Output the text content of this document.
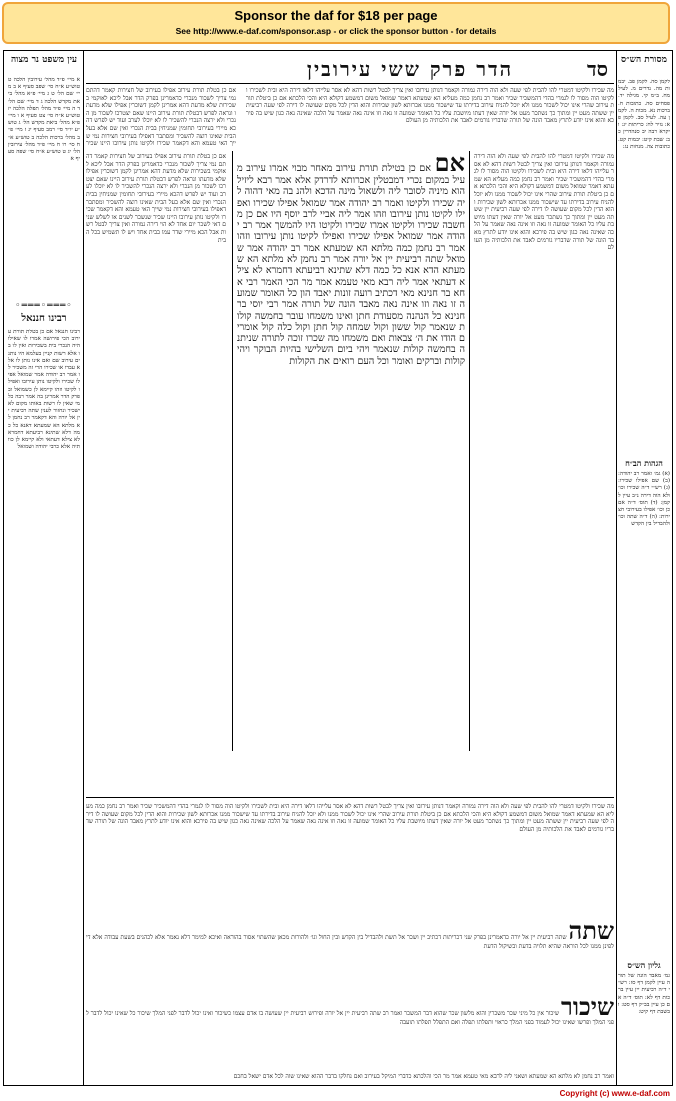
Sponsor the daf for $18 per page
See http://www.e-daf.com/sponsor.asp - or click the sponsor button - for details
עין משפט נר מצוה
א מיי׳ פ״ד מהל׳ עירובין הלכה ט טוש״ע א״ח סי׳ שפב סעיף א ב מיי׳ שם הל׳ ט ג מיי׳ פ״א מהל׳ ביאת מקדש הלכה ג ד מיי׳ שם הל׳ ד ה מיי׳ פ״ד מהל׳ תפלה הלכה יז טוש״ע א״ח סי׳ צט סעיף א ו מיי׳ פ״א מהל׳ ביאת מקדש הל׳ ג טוש״ע יו״ד סי׳ רמב סעיף יג ז מיי׳ פ״ב מהל׳ ברכות הלכה ב טוש״ע א״ח סי׳ רו ח מיי׳ פ״ד מהל׳ עירובין הל׳ יג ט טוש״ע א״ח סי׳ שפה סעיף א
◦═══◦═══◦
רבינו חננאל
רבינו חננאל אם כן בטלת תורת עירוב הכי פירושה אמרו לו שאילו היה הנכרי בית בשכירות ואין לו בו אלא רשות קניין בעלמא היו נותנים עירוב שם ואם אינו נותן לו אלא עבדו או שכירו הרי זה משכיר לו אמר רב יהודה אמר שמואל אפילו שכירו ולקיטו נותן עירובו ואפילו לקיטו וזהו קיימא לן כשמואל ובפרק הדר אמרינן בה אמר רבה כל מי שאין לו רשות באותו מקום לא ישכיר ונחזור לענין שתה רביעית יין אל יורה והא דקאמר רב נחמן לא מלתא הא שמעתא דאנא כל כמה דלא שתינא רביעתא דחמרא לא צילא דעתאי ולא קיימא לן כוותיה אלא כרבי יהודה ושמואל
הדר פרק ששי עירובין	סד
אם כן בטלת תורת עירוב אפילו בעירוב של חצירות קאמר דהתם נמי צריך לשכור מנכרי כדאמרינן בפרק הדר אבל ליכא לאוקמי בשכירות שלא מדעת דהא אמרינן לקמן דשוכרין אפילו שלא מדעתו ונראה לפרש דבטלת תורת עירוב היינו שאם יצטרכו לשכור מן הנכרי ולא ירצה הנכרי להשכיר לו לא יוכלו לערב ועוד יש לפרש דהכא מיירי בעירובי תחומין שמניחין בבית הנכרי ואין שם אלא בעל הבית שאינו רוצה להשכיר ומסתבר דאפילו בעירובי חצירות נמי שייך האי טעמא והא דקאמר שכירו ולקיטו נותן עירובו היינו שכיר
מה שכירו ולקיטו דמטרי להו להבית לפי שעה ולא הוה דירה גמורה וקאמר דנותן עירובו ואין צריך לבטל רשות דהא לא אסר עלייהו דלאו דירה היא ובית לשכירו ולקיטו הוה מסור לו לגמרי בהדי דהמשכיר שכיר ואמר רב נחמן כמה מעליא הא שמעתא דאמר שמואל משום דמשמע דקולא היא והכי הלכתא אם כן ביטלת תורת עירוב שהרי אינו יכול לשכור ממנו ולא יוכל להניח עירוב בדירתו עד שישכור ממנו אכרותא לשון שכירות והוא הדין לכל מקום שעושה לו דירה לפי שעה רביעית יין ששתה מעט יין ומתוך כך נשתכר מעט אל יורה שאין דעתו מיושבת עליו כל האומר שמועה זו נאה וזו אינה נאה שאמר על הלכה שאינה נאה כגון שיש בה פירכא והוא אינו יודע לתרץ מאבד הונה של תורה שדבריו גורמים לאבד את הלכותיה מן העולם
אם כן בטלת תורת עירוב אפילו בעירוב של חצירות קאמר דהתם נמי צריך לשכור מנכרי כדאמרינן בפרק הדר אבל ליכא לאוקמי בשכירות שלא מדעת דהא אמרינן לקמן דשוכרין אפילו שלא מדעתו ונראה לפרש דבטלת תורת עירוב היינו שאם יצטרכו לשכור מן הנכרי ולא ירצה הנכרי להשכיר לו לא יוכלו לערב ועוד יש לפרש דהכא מיירי בעירובי תחומין שמניחין בבית הנכרי ואין שם אלא בעל הבית שאינו רוצה להשכיר ומסתבר דאפילו בעירובי חצירות נמי שייך האי טעמא והא דקאמר שכירו ולקיטו נותן עירובו היינו שכיר שנשכר לשנים או לשלש שנים דאי לשכר יום אחד לא הוי דירה גמורה ואין צריך לבטל רשות אבל הכא מיירי שדר עמו בבית אחד ויש לו תשמיש בכל הבית
מה שכירו ולקיטו דמטרי להו להבית לפי שעה ולא הוה דירה גמורה וקאמר דנותן עירובו ואין צריך לבטל רשות דהא לא אסר עלייהו דלאו דירה היא ובית לשכירו ולקיטו הוה מסור לו לגמרי בהדי דהמשכיר שכיר ואמר רב נחמן כמה מעליא הא שמעתא דאמר שמואל משום דמשמע דקולא היא והכי הלכתא אם כן ביטלת תורת עירוב שהרי אינו יכול לשכור ממנו ולא יוכל להניח עירוב בדירתו עד שישכור ממנו אכרותא לשון שכירות והוא הדין לכל מקום שעושה לו דירה לפי שעה רביעית יין ששתה מעט יין ומתוך כך נשתכר מעט אל יורה שאין דעתו מיושבת עליו כל האומר שמועה זו נאה וזו אינה נאה שאמר על הלכה שאינה נאה כגון שיש בה פירכא והוא אינו יודע לתרץ מאבד הונה של תורה שדבריו גורמים לאבד את הלכותיה מן העולם
אם אם כן בטילת תורת עירוב מאחר מבוי אמרו עירוב מעיל במקום נכרי דמבטלין אכרותא לדרדק אלא אמר רבא ליזיל הוא מיניה לסובר ליה ולשאול מינה הדכא ולהנ בה מאי דהוה ליה שכירו ולקיטו ואמר רב יהודה אמר שמואל אפילו שכירו ואפילו לקיטו נותן עירובו וזהו אמר ליה אביי לרב יוסף היו אם כן מחשבה שכירו ולקיטו אמרו שכירו ולקיטו היו להמשך אמר רב יהודה אמר שמואל אפילו שכירו ואפילו לקיטו נותן עירובו וזהו אמר רב נחמן כמה מלתא הא שמעתא אמר רב יהודה אמר שמואל שתה רביעית יין אל יורה אמר רב נחמן לא מלתא הא שמעתא הדא אנא כל כמה דלא שתינא רביעתא דחמרא לא צילא דעתאי אמר ליה רבא מאי טעמא אמר מר הכי האמר רבי אחא בר חנינא מאי דכתיב רועה זונות יאבד הון כל האומר שמועה זו נאה וזו אינה נאה מאבד הונה של תורה אמר רבי יוסי בר חנינא כל הנהנה מסעודת חתן ואינו משמחו עובר בחמשה קולות שנאמר קול ששון וקול שמחה קול חתן וקול כלה קול אומרים הודו את ה׳ צבאות ואם משמחו מה שכרו זוכה לתורה שניתנה בחמשה קולות שנאמר ויהי ביום השלישי בהיות הבוקר ויהי קולות וברקים ואומר וכל העם רואים את הקולות
מה שכירו ולקיטו דמטרי להו להבית לפי שעה ולא הוה דירה גמורה וקאמר דנותן עירובו ואין צריך לבטל רשות דהא לא אסר עלייהו דלאו דירה היא ובית לשכירו ולקיטו הוה מסור לו לגמרי בהדי דהמשכיר שכיר ואמר רב נחמן כמה מעליא הא שמעתא דאמר שמואל משום דמשמע דקולא היא והכי הלכתא אם כן ביטלת תורת עירוב שהרי אינו יכול לשכור ממנו ולא יוכל להניח עירוב בדירתו עד שישכור ממנו אכרותא לשון שכירות והוא הדין לכל מקום שעושה לו דירה לפי שעה רביעית יין ששתה מעט יין ומתוך כך נשתכר מעט אל יורה שאין דעתו מיושבת עליו כל האומר שמועה זו נאה וזו אינה נאה שאמר על הלכה שאינה נאה כגון שיש בה פירכא והוא אינו יודע לתרץ מאבד הונה של תורה שדבריו גורמים לאבד את הלכותיה מן העולם
שתה שתה רביעית יין אל יורה כדאמרינן בפרק שני דכריתות דכתיב יין ושכר אל תשת ולהבדיל בין הקדש ובין החול וגו׳ ולהורות מכאן שהשתוי אסור בהוראה ואיכא למימר דלא נאמר אלא לכהנים בשעת עבודה אלא דילפינן ממנו לכל הוראה שהיא תלויה בדעת ובשיקול הדעת
שיכור שיכור אין כל מיני שכר משכרין והוא מלשון שכר שהוא דבר המשכר ואמר רב שתה רביעית יין אל יורה ופירוש רביעית יין שעושה בו אדם עצמו כשיכור ואינו יכול לדבר לפני המלך שיכור כל שאינו יכול לדבר לפני המלך ופרשו שאינו יכול לעמוד בפני המלך כראוי ותפלתו תפלה ואם התפלל תפלתו תועבה
ואמר רב נחמן לא מלתא הא שמעתא ושאני ליה לרבא מאי טעמא אמר מר הכי והלכתא כדברי המיקל בעירוב ואם נחלקו בדבר ההוא שאינו שוה לכל אדם ישאל בחכם
מסורת הש״ס
לקמן סה. לקמן פב. יבמות מה. נדרים מ. לעיל מח. ב״מ קי. מגילה יד. פסחים סה. כתובות ח. ברכות נא. מכות ה. לקמן עה. לעיל סב. לקמן פא: נזיר לח: כריתות יג: ויקרא רבה יב סנהדרין כב: שבת קיט: יבמות קט. כתובות צה. מנחות נג:
הגהות הב״ח
(א) גמ׳ ואמר רב יהודה: (ב) שם אפילו שכירו: (ג) רש״י ד״ה שכירו וכו׳ ולא הוה דירה נ״ב עיין לקמן: (ד) תוס׳ ד״ה אם כן וכו׳ אפילו בעירובי חצירות: (ה) ד״ה שתה וכו׳ ולהבדיל בין הקדש
גליון הש״ס
גמ׳ מאבד הונה של תורה עיין לקמן דף סז: רש״י ד״ה רביעית יין עיין ברכות דף לא: תוס׳ ד״ה אם כן עיין בב״ק דף סט: ובשבת דף קיט:
Copyright (c) www.e-daf.com
